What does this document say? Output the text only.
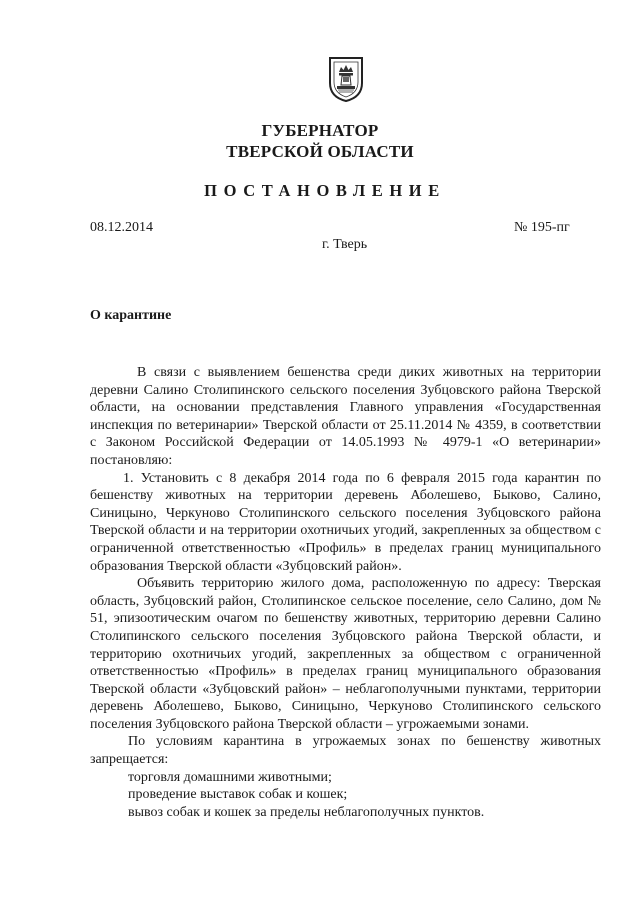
ГУБЕРНАТОР
ТВЕРСКОЙ ОБЛАСТИ
ПОСТАНОВЛЕНИЕ
08.12.2014	№ 195-пг
г. Тверь
О карантине

В связи с выявлением бешенства среди диких животных на территории деревни Салино Столипинского сельского поселения Зубцовского района Тверской области, на основании представления Главного управления «Государственная инспекция по ветеринарии» Тверской области от 25.11.2014 № 4359, в соответствии с Законом Российской Федерации от 14.05.1993 № 4979-1 «О ветеринарии» постановляю:

1. Установить с 8 декабря 2014 года по 6 февраля 2015 года карантин по бешенству животных на территории деревень Аболешево, Быково, Салино, Синицыно, Черкуново Столипинского сельского поселения Зубцовского района Тверской области и на территории охотничьих угодий, закрепленных за обществом с ограниченной ответственностью «Профиль» в пределах границ муниципального образования Тверской области «Зубцовский район».

Объявить территорию жилого дома, расположенную по адресу: Тверская область, Зубцовский район, Столипинское сельское поселение, село Салино, дом № 51, эпизоотическим очагом по бешенству животных, территорию деревни Салино Столипинского сельского поселения Зубцовского района Тверской области, и территорию охотничьих угодий, закрепленных за обществом с ограниченной ответственностью «Профиль» в пределах границ муниципального образования Тверской области «Зубцовский район» – неблагополучными пунктами, территории деревень Аболешево, Быково, Синицыно, Черкуново Столипинского сельского поселения Зубцовского района Тверской области – угрожаемыми зонами.

По условиям карантина в угрожаемых зонах по бешенству животных запрещается:

торговля домашними животными;

проведение выставок собак и кошек;

вывоз собак и кошек за пределы неблагополучных пунктов.
